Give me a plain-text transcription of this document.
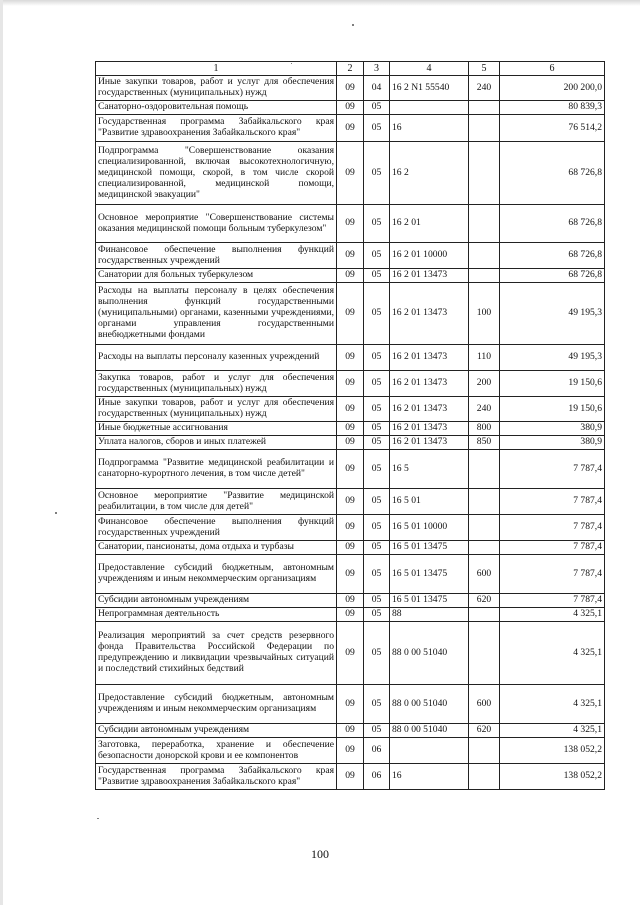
1	2	3	4	5	6
Иные закупки товаров, работ и услуг для обеспечения государственных (муниципальных) нужд	09	04	16 2 N1 55540	240	200 200,0
Санаторно-оздоровительная помощь	09	05			80 839,3
Государственная программа Забайкальского края "Развитие здравоохранения Забайкальского края"	09	05	16		76 514,2
Подпрограмма "Совершенствование оказания специализированной, включая высокотехнологичную, медицинской помощи, скорой, в том числе скорой специализированной, медицинской помощи, медицинской эвакуации"	09	05	16 2		68 726,8
Основное мероприятие "Совершенствование системы оказания медицинской помощи больным туберкулезом"	09	05	16 2 01		68 726,8
Финансовое обеспечение выполнения функций государственных учреждений	09	05	16 2 01 10000		68 726,8
Санатории для больных туберкулезом	09	05	16 2 01 13473		68 726,8
Расходы на выплаты персоналу в целях обеспечения выполнения функций государственными (муниципальными) органами, казенными учреждениями, органами управления государственными внебюджетными фондами	09	05	16 2 01 13473	100	49 195,3
Расходы на выплаты персоналу казенных учреждений	09	05	16 2 01 13473	110	49 195,3
Закупка товаров, работ и услуг для обеспечения государственных (муниципальных) нужд	09	05	16 2 01 13473	200	19 150,6
Иные закупки товаров, работ и услуг для обеспечения государственных (муниципальных) нужд	09	05	16 2 01 13473	240	19 150,6
Иные бюджетные ассигнования	09	05	16 2 01 13473	800	380,9
Уплата налогов, сборов и иных платежей	09	05	16 2 01 13473	850	380,9
Подпрограмма "Развитие медицинской реабилитации и санаторно-курортного лечения, в том числе детей"	09	05	16 5		7 787,4
Основное мероприятие "Развитие медицинской реабилитации, в том числе для детей"	09	05	16 5 01		7 787,4
Финансовое обеспечение выполнения функций государственных учреждений	09	05	16 5 01 10000		7 787,4
Санатории, пансионаты, дома отдыха и турбазы	09	05	16 5 01 13475		7 787,4
Предоставление субсидий бюджетным, автономным учреждениям и иным некоммерческим организациям	09	05	16 5 01 13475	600	7 787,4
Субсидии автономным учреждениям	09	05	16 5 01 13475	620	7 787,4
Непрограммная деятельность	09	05	88		4 325,1
Реализация мероприятий за счет средств резервного фонда Правительства Российской Федерации по предупреждению и ликвидации чрезвычайных ситуаций и последствий стихийных бедствий	09	05	88 0 00 51040		4 325,1
Предоставление субсидий бюджетным, автономным учреждениям и иным некоммерческим организациям	09	05	88 0 00 51040	600	4 325,1
Субсидии автономным учреждениям	09	05	88 0 00 51040	620	4 325,1
Заготовка, переработка, хранение и обеспечение безопасности донорской крови и ее компонентов	09	06			138 052,2
Государственная программа Забайкальского края "Развитие здравоохранения Забайкальского края"	09	06	16		138 052,2
100
